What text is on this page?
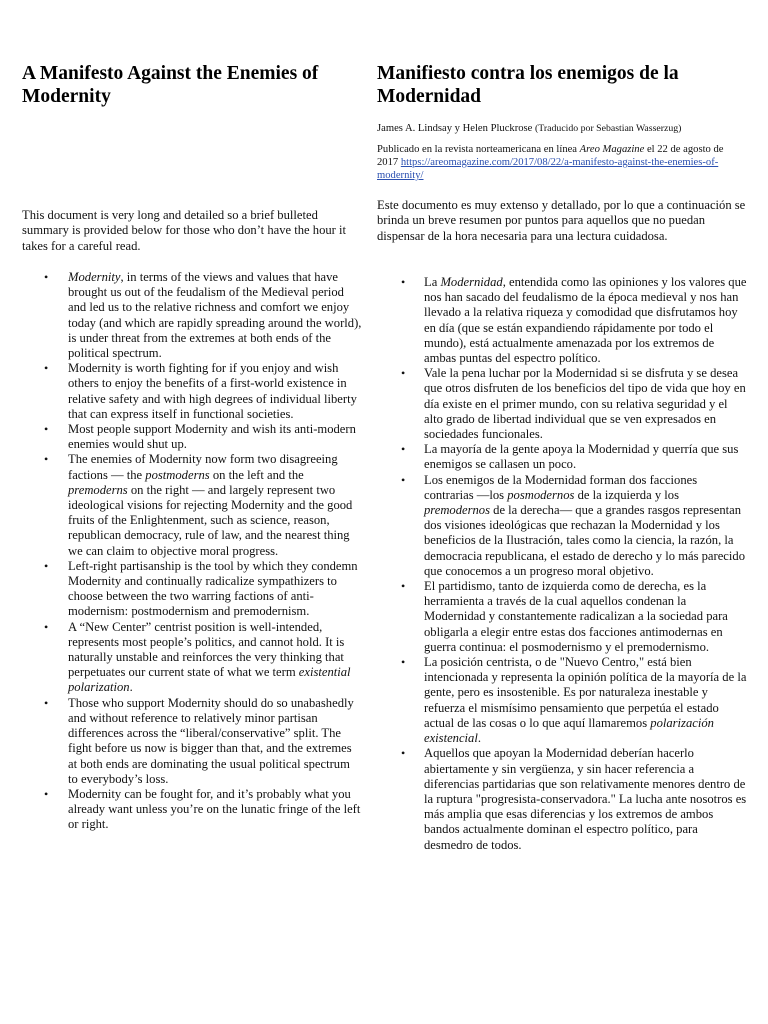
A Manifesto Against the Enemies of Modernity

This document is very long and detailed so a brief bulleted summary is provided below for those who don’t have the hour it takes for a careful read.

• Modernity, in terms of the views and values that have brought us out of the feudalism of the Medieval period and led us to the relative richness and comfort we enjoy today (and which are rapidly spreading around the world), is under threat from the extremes at both ends of the political spectrum.
• Modernity is worth fighting for if you enjoy and wish others to enjoy the benefits of a first-world existence in relative safety and with high degrees of individual liberty that can express itself in functional societies.
• Most people support Modernity and wish its anti-modern enemies would shut up.
• The enemies of Modernity now form two disagreeing factions — the postmoderns on the left and the premoderns on the right — and largely represent two ideological visions for rejecting Modernity and the good fruits of the Enlightenment, such as science, reason, republican democracy, rule of law, and the nearest thing we can claim to objective moral progress.
• Left-right partisanship is the tool by which they condemn Modernity and continually radicalize sympathizers to choose between the two warring factions of anti-modernism: postmodernism and premodernism.
• A “New Center” centrist position is well-intended, represents most people’s politics, and cannot hold. It is naturally unstable and reinforces the very thinking that perpetuates our current state of what we term existential polarization.
• Those who support Modernity should do so unabashedly and without reference to relatively minor partisan differences across the “liberal/conservative” split. The fight before us now is bigger than that, and the extremes at both ends are dominating the usual political spectrum to everybody’s loss.
• Modernity can be fought for, and it’s probably what you already want unless you’re on the lunatic fringe of the left or right.
Manifiesto contra los enemigos de la Modernidad
James A. Lindsay y Helen Pluckrose (Traducido por Sebastian Wasserzug)
Publicado en la revista norteamericana en línea Areo Magazine el 22 de agosto de 2017 https://areomagazine.com/2017/08/22/a-manifesto-against-the-enemies-of-modernity/

Este documento es muy extenso y detallado, por lo que a continuación se brinda un breve resumen por puntos para aquellos que no puedan dispensar de la hora necesaria para una lectura cuidadosa.

• La Modernidad, entendida como las opiniones y los valores que nos han sacado del feudalismo de la época medieval y nos han llevado a la relativa riqueza y comodidad que disfrutamos hoy en día (que se están expandiendo rápidamente por todo el mundo), está actualmente amenazada por los extremos de ambas puntas del espectro político.
• Vale la pena luchar por la Modernidad si se disfruta y se desea que otros disfruten de los beneficios del tipo de vida que hoy en día existe en el primer mundo, con su relativa seguridad y el alto grado de libertad individual que se ven expresados en sociedades funcionales.
• La mayoría de la gente apoya la Modernidad y querría que sus enemigos se callasen un poco.
• Los enemigos de la Modernidad forman dos facciones contrarias —los posmodernos de la izquierda y los premodernos de la derecha— que a grandes rasgos representan dos visiones ideológicas que rechazan la Modernidad y los beneficios de la Ilustración, tales como la ciencia, la razón, la democracia republicana, el estado de derecho y lo más parecido que conocemos a un progreso moral objetivo.
• El partidismo, tanto de izquierda como de derecha, es la herramienta a través de la cual aquellos condenan la Modernidad y constantemente radicalizan a la sociedad para obligarla a elegir entre estas dos facciones antimodernas en guerra continua: el posmodernismo y el premodernismo.
• La posición centrista, o de "Nuevo Centro," está bien intencionada y representa la opinión política de la mayoría de la gente, pero es insostenible. Es por naturaleza inestable y refuerza el mismísimo pensamiento que perpetúa el estado actual de las cosas o lo que aquí llamaremos polarización existencial.
• Aquellos que apoyan la Modernidad deberían hacerlo abiertamente y sin vergüenza, y sin hacer referencia a diferencias partidarias que son relativamente menores dentro de la ruptura "progresista-conservadora." La lucha ante nosotros es más amplia que esas diferencias y los extremos de ambos bandos actualmente dominan el espectro político, para desmedro de todos.
